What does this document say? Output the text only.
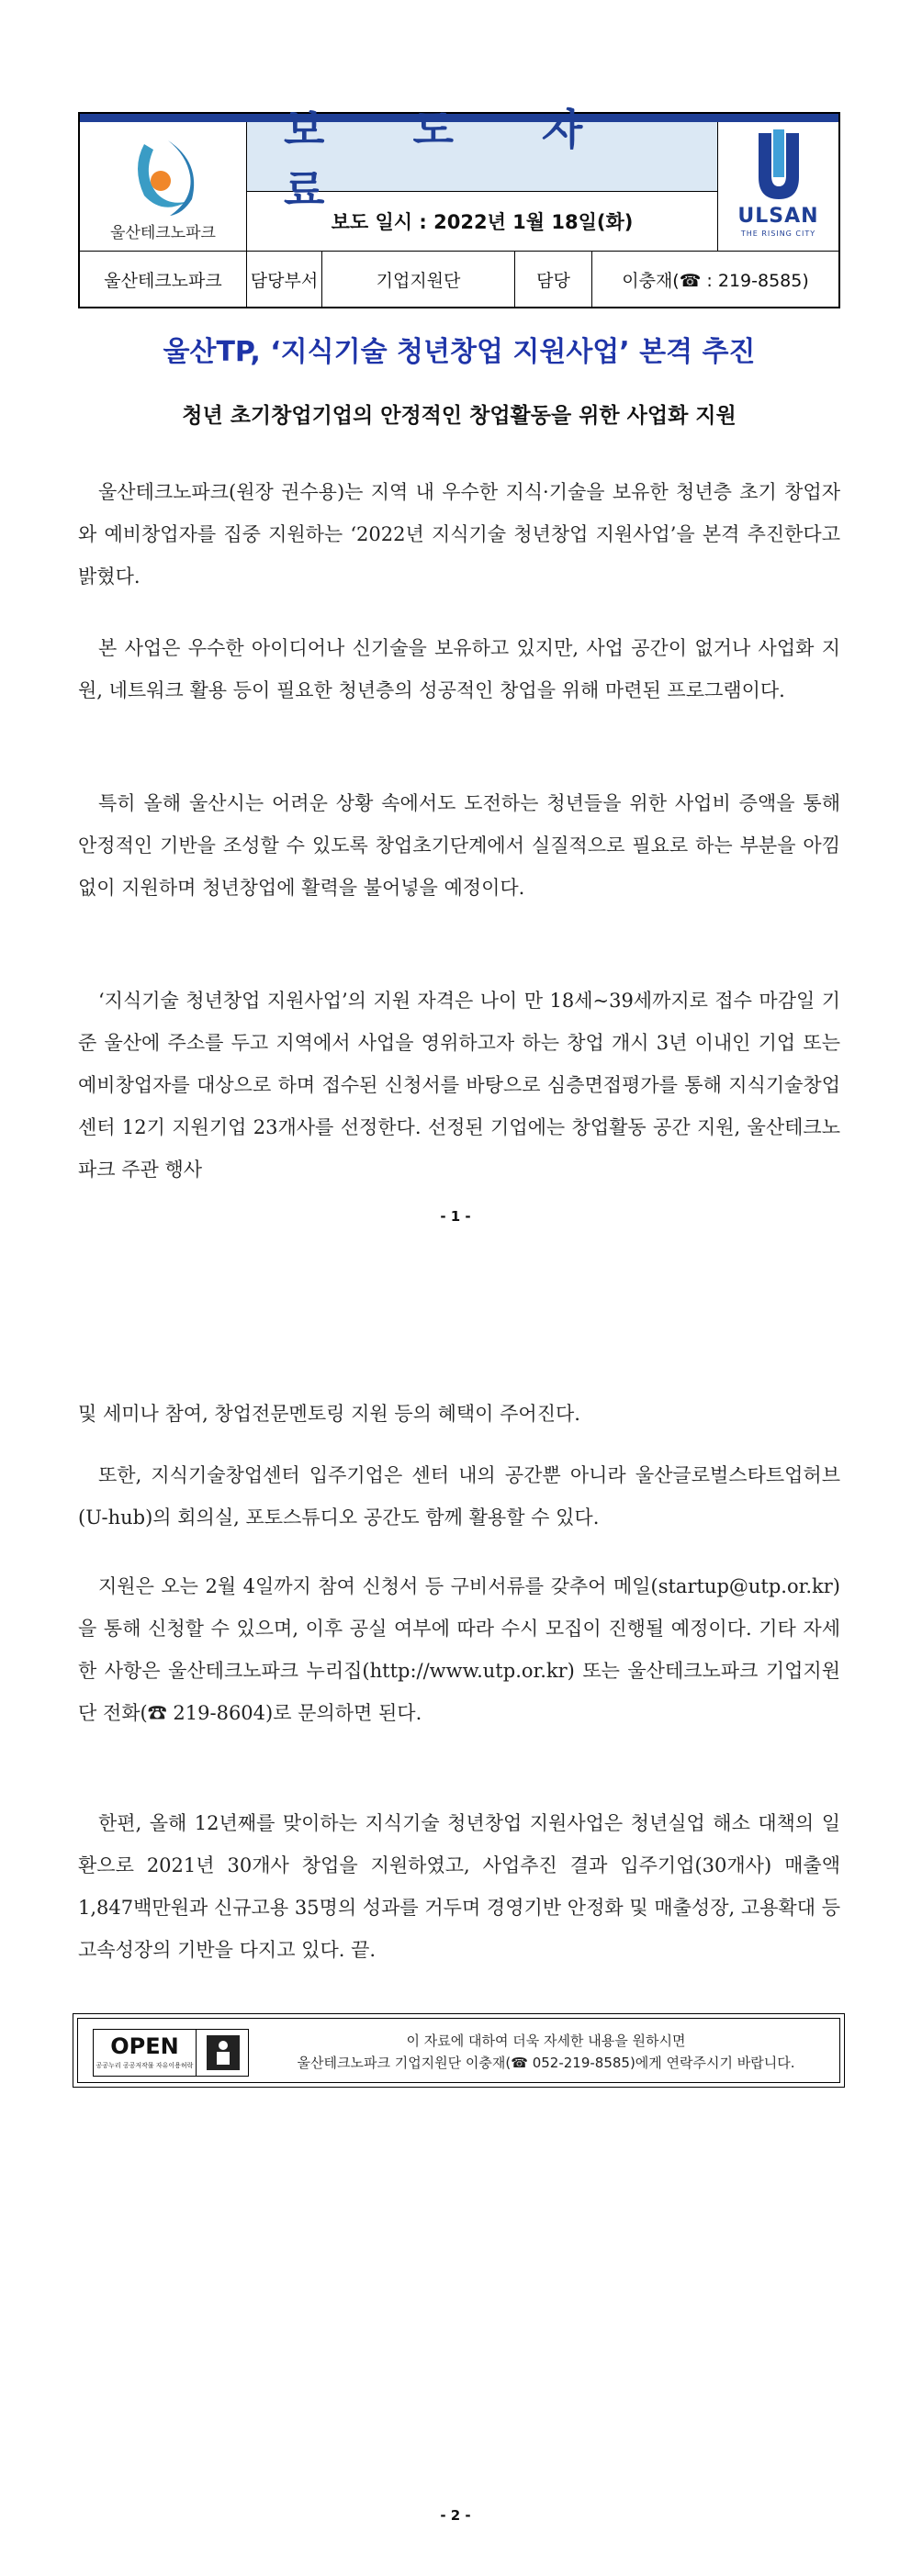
울산테크노파크
보 도 자 료
보도 일시 : 2022년 1월 18일(화)	ULSAN
THE RISING CITY
울산테크노파크	담당부서	기업지원단	담당	이충재(☎ : 219-8585)
울산TP, ‘지식기술 청년창업 지원사업’ 본격 추진
청년 초기창업기업의 안정적인 창업활동을 위한 사업화 지원

울산테크노파크(원장 권수용)는 지역 내 우수한 지식·기술을 보유한 청년층 초기 창업자와 예비창업자를 집중 지원하는 ‘2022년 지식기술 청년창업 지원사업’을 본격 추진한다고 밝혔다.

본 사업은 우수한 아이디어나 신기술을 보유하고 있지만, 사업 공간이 없거나 사업화 지원, 네트워크 활용 등이 필요한 청년층의 성공적인 창업을 위해 마련된 프로그램이다.

특히 올해 울산시는 어려운 상황 속에서도 도전하는 청년들을 위한 사업비 증액을 통해 안정적인 기반을 조성할 수 있도록 창업초기단계에서 실질적으로 필요로 하는 부분을 아낌없이 지원하며 청년창업에 활력을 불어넣을 예정이다.

‘지식기술 청년창업 지원사업’의 지원 자격은 나이 만 18세~39세까지로 접수 마감일 기준 울산에 주소를 두고 지역에서 사업을 영위하고자 하는 창업 개시 3년 이내인 기업 또는 예비창업자를 대상으로 하며 접수된 신청서를 바탕으로 심층면접평가를 통해 지식기술창업센터 12기 지원기업 23개사를 선정한다. 선정된 기업에는 창업활동 공간 지원, 울산테크노파크 주관 행사

- 1 -

및 세미나 참여, 창업전문멘토링 지원 등의 혜택이 주어진다.

또한, 지식기술창업센터 입주기업은 센터 내의 공간뿐 아니라 울산글로벌스타트업허브(U-hub)의 회의실, 포토스튜디오 공간도 함께 활용할 수 있다.

지원은 오는 2월 4일까지 참여 신청서 등 구비서류를 갖추어 메일(startup@utp.or.kr)을 통해 신청할 수 있으며, 이후 공실 여부에 따라 수시 모집이 진행될 예정이다. 기타 자세한 사항은 울산테크노파크 누리집(http://www.utp.or.kr) 또는 울산테크노파크 기업지원단 전화(☎ 219-8604)로 문의하면 된다.

한편, 올해 12년째를 맞이하는 지식기술 청년창업 지원사업은 청년실업 해소 대책의 일환으로 2021년 30개사 창업을 지원하였고, 사업추진 결과 입주기업(30개사) 매출액 1,847백만원과 신규고용 35명의 성과를 거두며 경영기반 안정화 및 매출성장, 고용확대 등 고속성장의 기반을 다지고 있다. 끝.

OPEN
공공누리 공공저작물 자유이용허락
이 자료에 대하여 더욱 자세한 내용을 원하시면
울산테크노파크 기업지원단 이충재(☎ 052-219-8585)에게 연락주시기 바랍니다.
- 2 -
